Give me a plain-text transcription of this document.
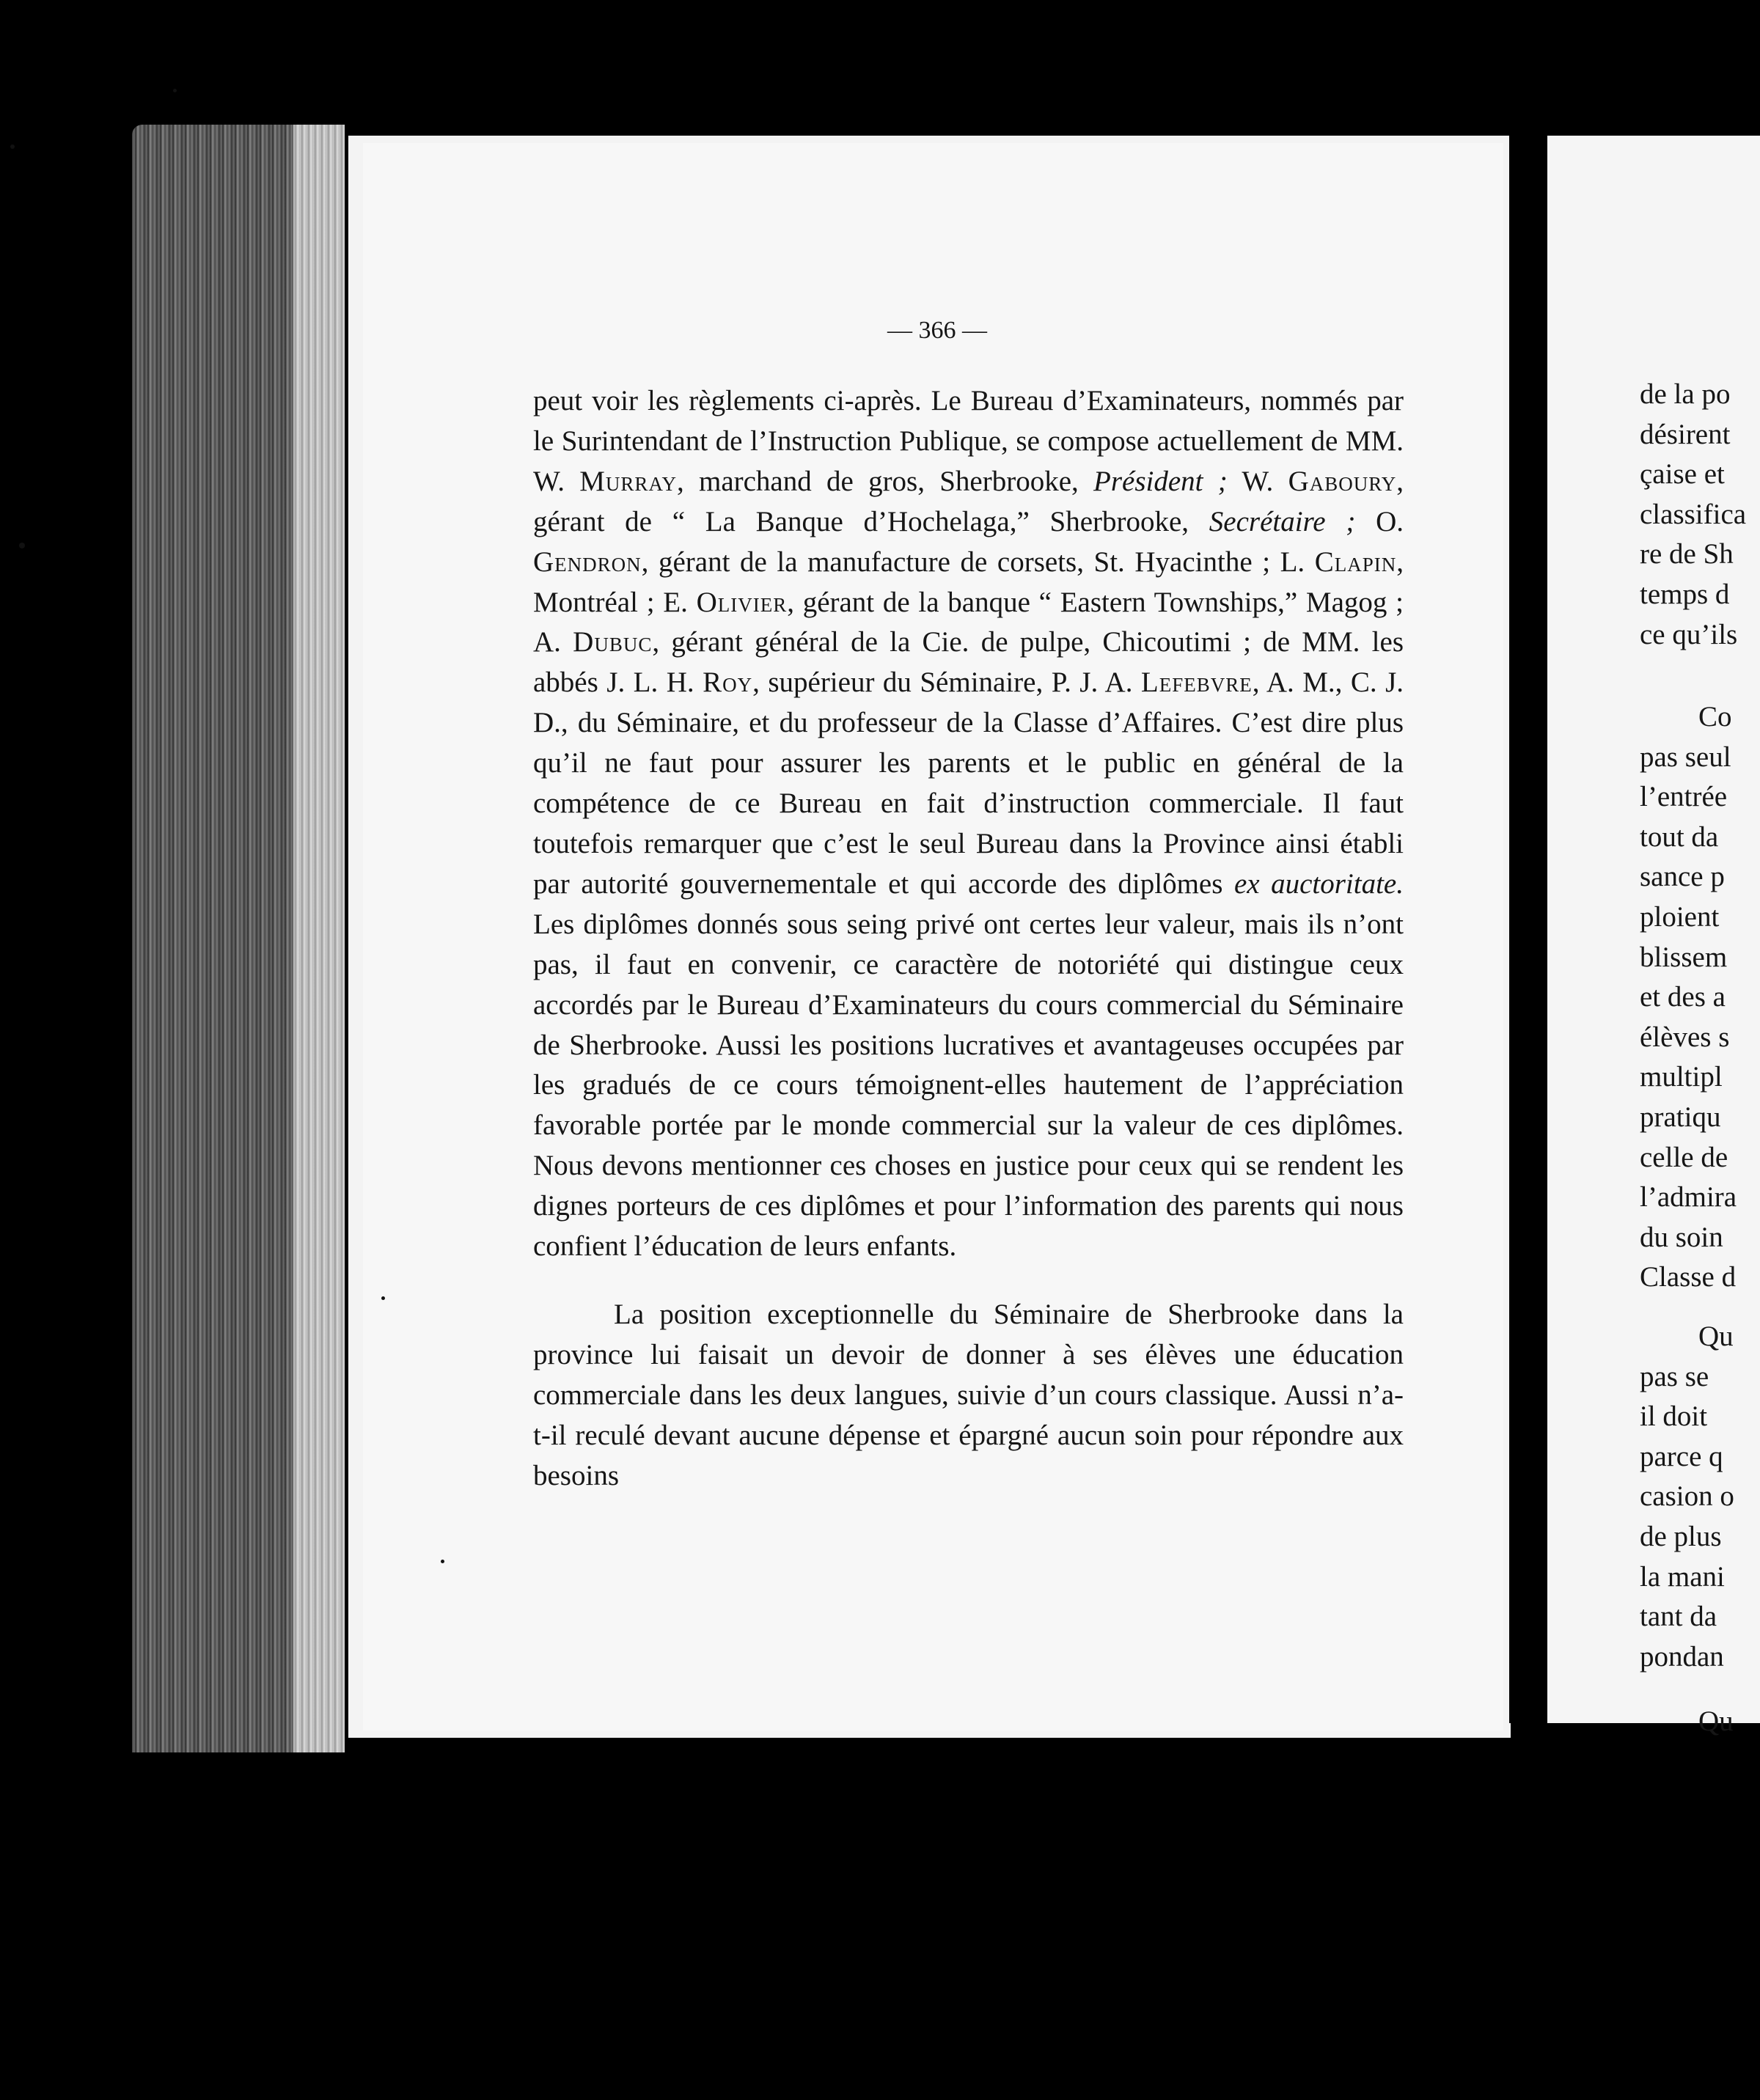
— 366 —

peut voir les règlements ci-après. Le Bureau d’Examinateurs, nommés par le Surintendant de l’Instruction Publique, se compose actuellement de MM. W. Murray, marchand de gros, Sherbrooke, Président ; W. Gaboury, gérant de “ La Banque d’Hochelaga,” Sherbrooke, Secrétaire ; O. Gendron, gérant de la manufacture de corsets, St. Hyacinthe ; L. Clapin, Montréal ; E. Olivier, gérant de la banque “ Eastern Townships,” Magog ; A. Dubuc, gérant général de la Cie. de pulpe, Chicoutimi ; de MM. les abbés J. L. H. Roy, supérieur du Séminaire, P. J. A. Lefebvre, A. M., C. J. D., du Séminaire, et du professeur de la Classe d’Affaires. C’est dire plus qu’il ne faut pour assurer les parents et le public en général de la compétence de ce Bureau en fait d’instruction commerciale. Il faut toutefois remarquer que c’est le seul Bureau dans la Province ainsi établi par autorité gouvernementale et qui accorde des diplômes ex auctoritate. Les diplômes donnés sous seing privé ont certes leur valeur, mais ils n’ont pas, il faut en convenir, ce caractère de notoriété qui distingue ceux accordés par le Bureau d’Examinateurs du cours commercial du Séminaire de Sherbrooke. Aussi les positions lucratives et avantageuses occupées par les gradués de ce cours témoignent-elles hautement de l’appréciation favorable portée par le monde commercial sur la valeur de ces diplômes. Nous devons mentionner ces choses en justice pour ceux qui se rendent les dignes porteurs de ces diplômes et pour l’information des parents qui nous confient l’éducation de leurs enfants.

La position exceptionnelle du Séminaire de Sherbrooke dans la province lui faisait un devoir de donner à ses élèves une éducation commerciale dans les deux langues, suivie d’un cours classique. Aussi n’a-t-il reculé devant aucune dépense et épargné aucun soin pour répondre aux besoins

de la po
désirent
çaise et
classifica
re de Sh
temps d
ce qu’ils
Co
pas seul
l’entrée
tout da
sance p
ploient
blissem
et des a
élèves s
multipl
pratiqu
celle de
l’admira
du soin
Classe d
Qu
pas se
il doit
parce q
casion o
de plus
la mani
tant da
pondan
Qu
